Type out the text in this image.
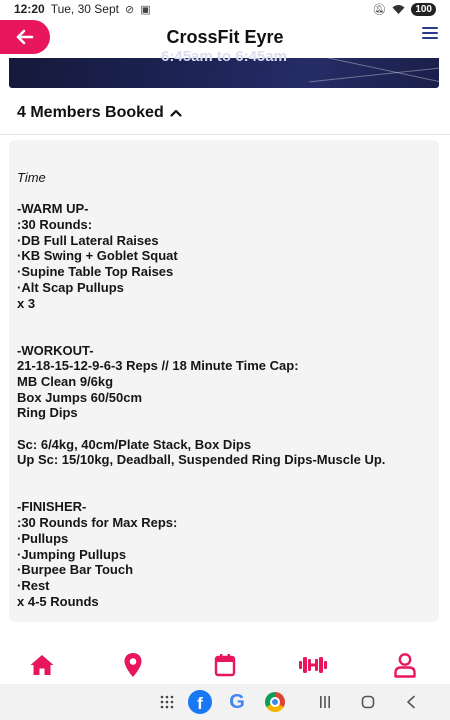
12:20 Tue, 30 Sept ⊘ ▣	🔕︎	100
CrossFit Eyre
6:45am to 6:45am
4 Members Booked
Time
-WARM UP-
:30 Rounds:
·DB Full Lateral Raises
·KB Swing + Goblet Squat
·Supine Table Top Raises
·Alt Scap Pullups
x 3
-WORKOUT-
21-18-15-12-9-6-3 Reps // 18 Minute Time Cap:
MB Clean 9/6kg
Box Jumps 60/50cm
Ring Dips
Sc: 6/4kg, 40cm/Plate Stack, Box Dips
Up Sc: 15/10kg, Deadball, Suspended Ring Dips-Muscle Up.
-FINISHER-
:30 Rounds for Max Reps:
·Pullups
·Jumping Pullups
·Burpee Bar Touch
·Rest
x 4-5 Rounds
f	G
